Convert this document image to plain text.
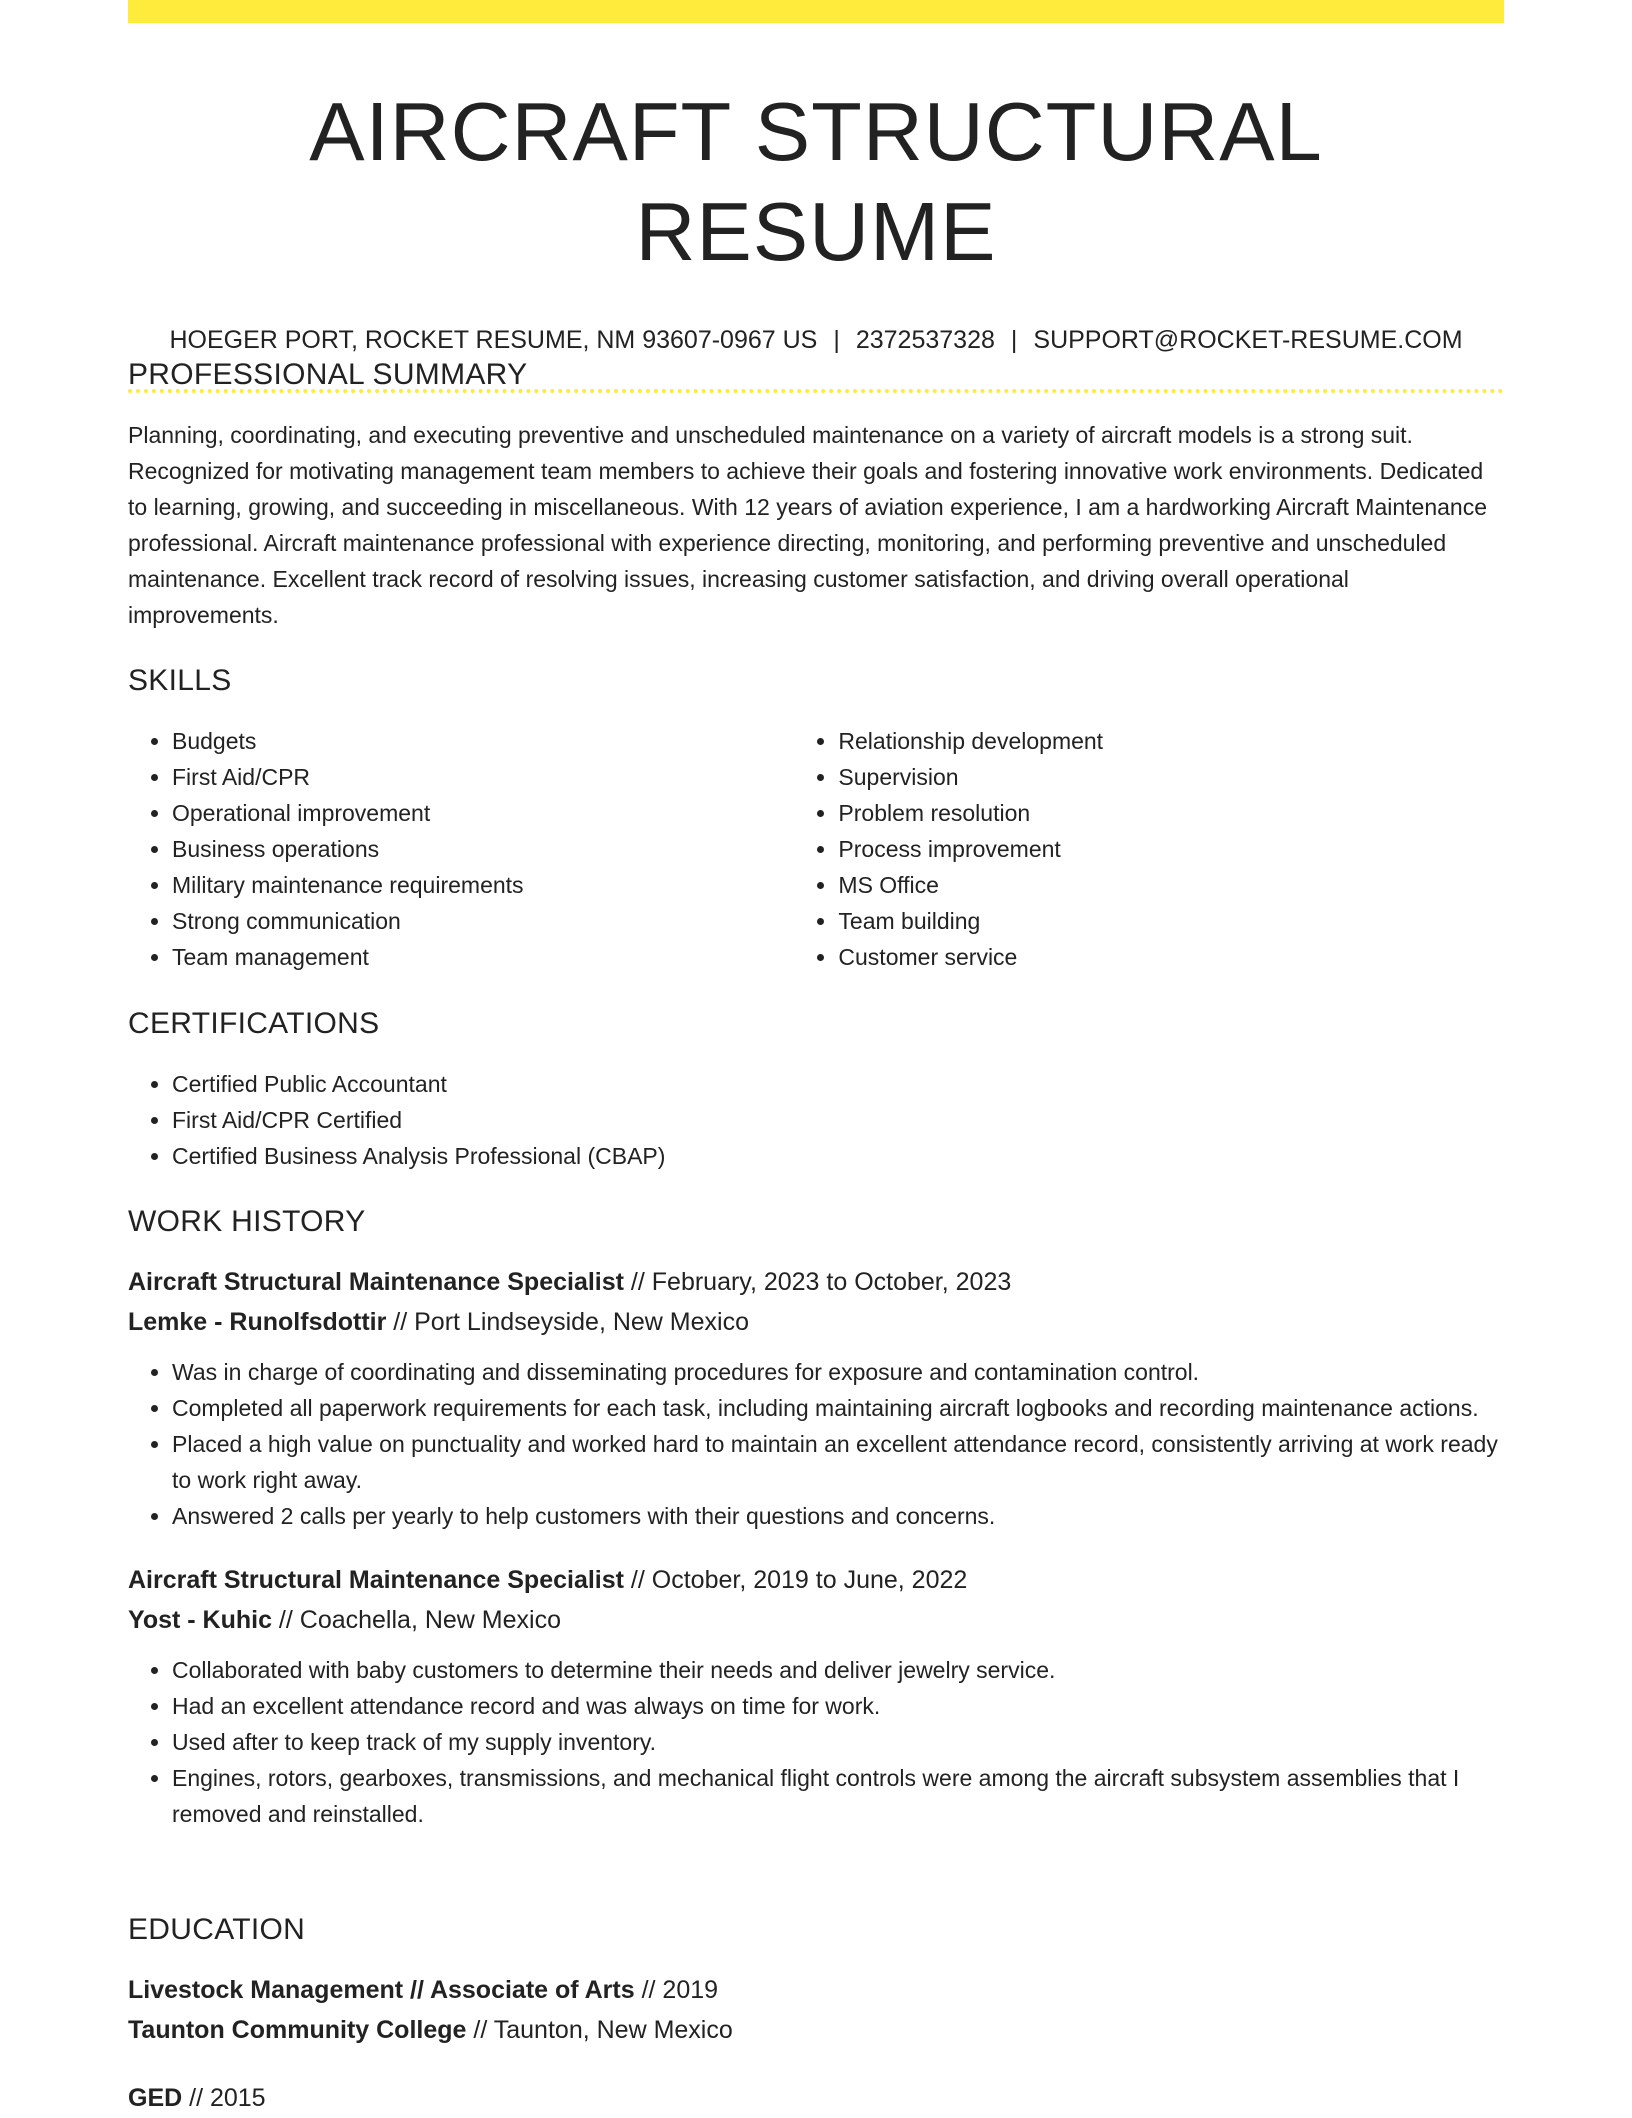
AIRCRAFT STRUCTURAL RESUME
HOEGER PORT, ROCKET RESUME, NM 93607-0967 US | 2372537328 | SUPPORT@ROCKET-RESUME.COM
PROFESSIONAL SUMMARY
Planning, coordinating, and executing preventive and unscheduled maintenance on a variety of aircraft models is a strong suit. Recognized for motivating management team members to achieve their goals and fostering innovative work environments. Dedicated to learning, growing, and succeeding in miscellaneous. With 12 years of aviation experience, I am a hardworking Aircraft Maintenance professional. Aircraft maintenance professional with experience directing, monitoring, and performing preventive and unscheduled maintenance. Excellent track record of resolving issues, increasing customer satisfaction, and driving overall operational improvements.
SKILLS
• Budgets
• First Aid/CPR
• Operational improvement
• Business operations
• Military maintenance requirements
• Strong communication
• Team management
• Relationship development
• Supervision
• Problem resolution
• Process improvement
• MS Office
• Team building
• Customer service
CERTIFICATIONS
• Certified Public Accountant
• First Aid/CPR Certified
• Certified Business Analysis Professional (CBAP)
WORK HISTORY
Aircraft Structural Maintenance Specialist // February, 2023 to October, 2023
Lemke - Runolfsdottir // Port Lindseyside, New Mexico
• Was in charge of coordinating and disseminating procedures for exposure and contamination control.
• Completed all paperwork requirements for each task, including maintaining aircraft logbooks and recording maintenance actions.
• Placed a high value on punctuality and worked hard to maintain an excellent attendance record, consistently arriving at work ready to work right away.
• Answered 2 calls per yearly to help customers with their questions and concerns.
Aircraft Structural Maintenance Specialist // October, 2019 to June, 2022
Yost - Kuhic // Coachella, New Mexico
• Collaborated with baby customers to determine their needs and deliver jewelry service.
• Had an excellent attendance record and was always on time for work.
• Used after to keep track of my supply inventory.
• Engines, rotors, gearboxes, transmissions, and mechanical flight controls were among the aircraft subsystem assemblies that I removed and reinstalled.
EDUCATION
Livestock Management // Associate of Arts // 2019
Taunton Community College // Taunton, New Mexico
GED // 2015
